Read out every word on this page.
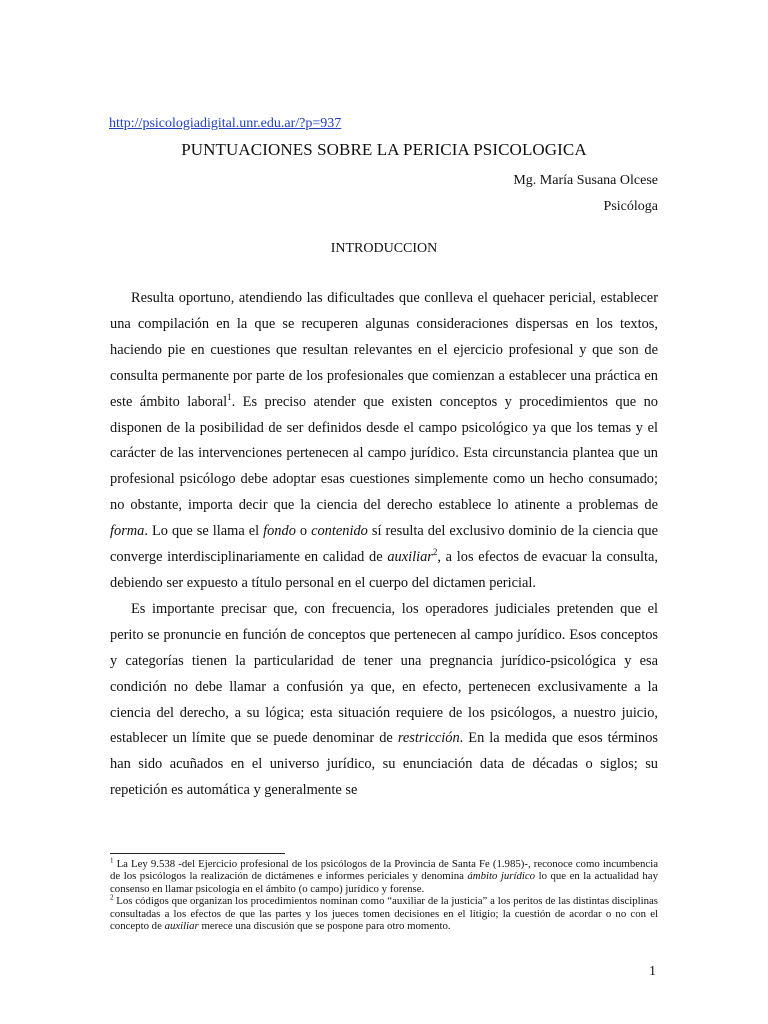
http://psicologiadigital.unr.edu.ar/?p=937
PUNTUACIONES SOBRE LA PERICIA PSICOLOGICA
Mg. María Susana Olcese
Psicóloga
INTRODUCCION

Resulta oportuno, atendiendo las dificultades que conlleva el quehacer pericial, establecer una compilación en la que se recuperen algunas consideraciones dispersas en los textos, haciendo pie en cuestiones que resultan relevantes en el ejercicio profesional y que son de consulta permanente por parte de los profesionales que comienzan a establecer una práctica en este ámbito laboral$^1$. Es preciso atender que existen conceptos y procedimientos que no disponen de la posibilidad de ser definidos desde el campo psicológico ya que los temas y el carácter de las intervenciones pertenecen al campo jurídico. Esta circunstancia plantea que un profesional psicólogo debe adoptar esas cuestiones simplemente como un hecho consumado; no obstante, importa decir que la ciencia del derecho establece lo atinente a problemas de forma. Lo que se llama el fondo o contenido sí resulta del exclusivo dominio de la ciencia que converge interdisciplinariamente en calidad de auxiliar$^2$, a los efectos de evacuar la consulta, debiendo ser expuesto a título personal en el cuerpo del dictamen pericial.

Es importante precisar que, con frecuencia, los operadores judiciales pretenden que el perito se pronuncie en función de conceptos que pertenecen al campo jurídico. Esos conceptos y categorías tienen la particularidad de tener una pregnancia jurídico-psicológica y esa condición no debe llamar a confusión ya que, en efecto, pertenecen exclusivamente a la ciencia del derecho, a su lógica; esta situación requiere de los psicólogos, a nuestro juicio, establecer un límite que se puede denominar de restricción. En la medida que esos términos han sido acuñados en el universo jurídico, su enunciación data de décadas o siglos; su repetición es automática y generalmente se

$^1$ La Ley 9.538 -del Ejercicio profesional de los psicólogos de la Provincia de Santa Fe (1.985)-, reconoce como incumbencia de los psicólogos la realización de dictámenes e informes periciales y denomina ámbito jurídico lo que en la actualidad hay consenso en llamar psicología en el ámbito (o campo) jurídico y forense.

$^2$ Los códigos que organizan los procedimientos nominan como “auxiliar de la justicia” a los peritos de las distintas disciplinas consultadas a los efectos de que las partes y los jueces tomen decisiones en el litigio; la cuestión de acordar o no con el concepto de auxiliar merece una discusión que se pospone para otro momento.

1
